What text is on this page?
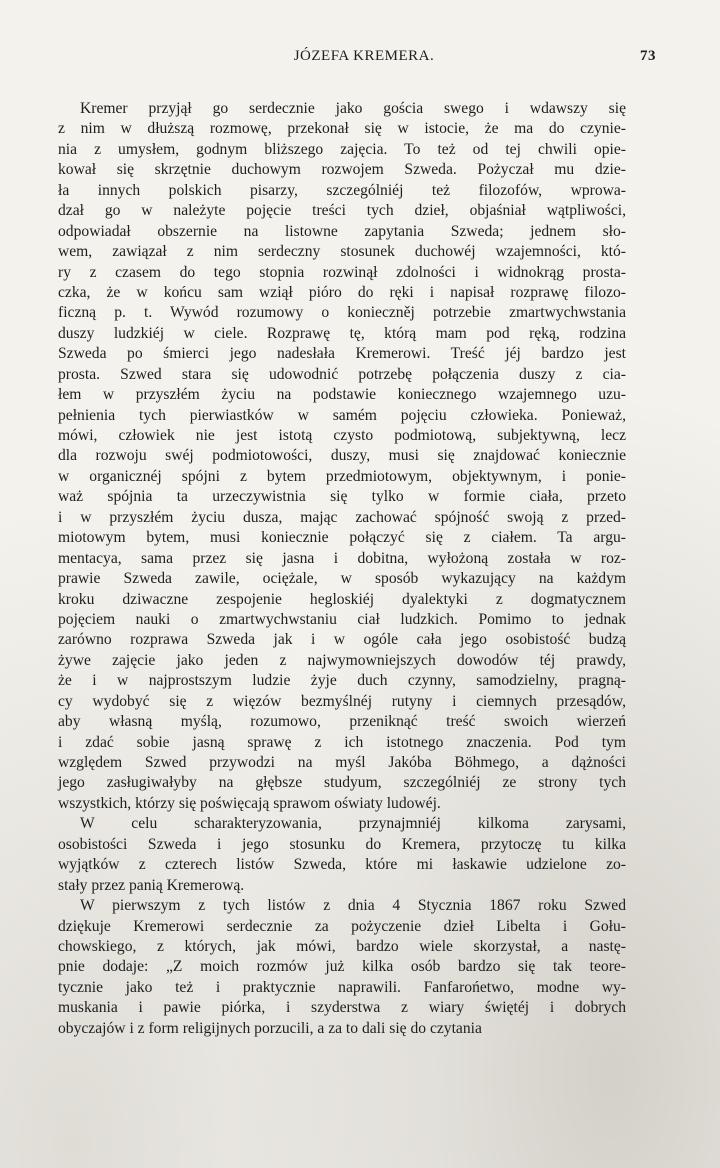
JÓZEFA KREMERA.	73
Kremer przyjął go serdecznie jako gościa swego i wdawszy się
z nim w dłuższą rozmowę, przekonał się w istocie, że ma do czynie-
nia z umysłem, godnym bliższego zajęcia. To też od tej chwili opie-
kował się skrzętnie duchowym rozwojem Szweda. Pożyczał mu dzie-
ła innych polskich pisarzy, szczególniéj też filozofów, wprowa-
dzał go w należyte pojęcie treści tych dzieł, objaśniał wątpliwości,
odpowiadał obszernie na listowne zapytania Szweda; jednem sło-
wem, zawiązał z nim serdeczny stosunek duchowéj wzajemności, któ-
ry z czasem do tego stopnia rozwinął zdolności i widnokrąg prosta-
czka, że w końcu sam wziął pióro do ręki i napisał rozprawę filozo-
ficzną p. t. Wywód rozumowy o konieczněj potrzebie zmartwychwstania
duszy ludzkiéj w ciele. Rozprawę tę, którą mam pod ręką, rodzina
Szweda po śmierci jego nadesłała Kremerowi. Treść jéj bardzo jest
prosta. Szwed stara się udowodnić potrzebę połączenia duszy z cia-
łem w przyszłém życiu na podstawie koniecznego wzajemnego uzu-
pełnienia tych pierwiastków w samém pojęciu człowieka. Ponieważ,
mówi, człowiek nie jest istotą czysto podmiotową, subjektywną, lecz
dla rozwoju swéj podmiotowości, duszy, musi się znajdować koniecznie
w organicznéj spójni z bytem przedmiotowym, objektywnym, i ponie-
waż spójnia ta urzeczywistnia się tylko w formie ciała, przeto
i w przyszłém życiu dusza, mając zachować spójność swoją z przed-
miotowym bytem, musi koniecznie połączyć się z ciałem. Ta argu-
mentacya, sama przez się jasna i dobitna, wyłożoną została w roz-
prawie Szweda zawile, ociężale, w sposób wykazujący na każdym
kroku dziwaczne zespojenie hegloskiéj dyalektyki z dogmatycznem
pojęciem nauki o zmartwychwstaniu ciał ludzkich. Pomimo to jednak
zarówno rozprawa Szweda jak i w ogóle cała jego osobistość budzą
żywe zajęcie jako jeden z najwymowniejszych dowodów téj prawdy,
że i w najprostszym ludzie żyje duch czynny, samodzielny, pragną-
cy wydobyć się z więzów bezmyślnéj rutyny i ciemnych przesądów,
aby własną myślą, rozumowo, przeniknąć treść swoich wierzeń
i zdać sobie jasną sprawę z ich istotnego znaczenia. Pod tym
względem Szwed przywodzi na myśl Jakóba Böhmego, a dążności
jego zasługiwałyby na głębsze studyum, szczególniéj ze strony tych
wszystkich, którzy się poświęcają sprawom oświaty ludowéj.
W celu scharakteryzowania, przynajmniéj kilkoma zarysami,
osobistości Szweda i jego stosunku do Kremera, przytoczę tu kilka
wyjątków z czterech listów Szweda, które mi łaskawie udzielone zo-
stały przez panią Kremerową.
W pierwszym z tych listów z dnia 4 Stycznia 1867 roku Szwed
dziękuje Kremerowi serdecznie za pożyczenie dzieł Libelta i Gołu-
chowskiego, z których, jak mówi, bardzo wiele skorzystał, a nastę-
pnie dodaje: „Z moich rozmów już kilka osób bardzo się tak teore-
tycznie jako też i praktycznie naprawili. Fanfarońetwo, modne wy-
muskania i pawie piórka, i szyderstwa z wiary świętéj i dobrych
obyczajów i z form religijnych porzucili, a za to dali się do czytania
